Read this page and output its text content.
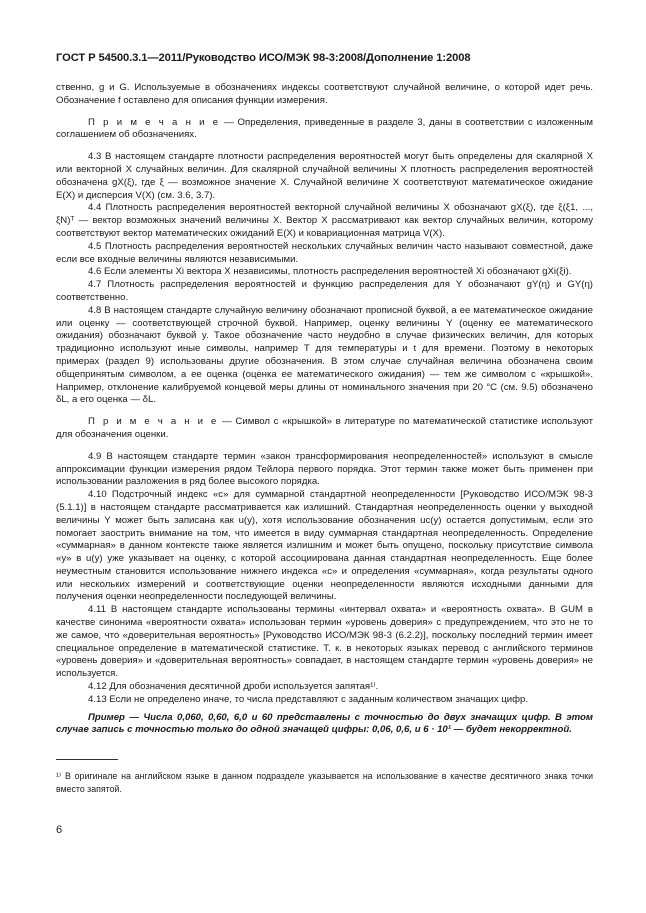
ГОСТ Р 54500.3.1—2011/Руководство ИСО/МЭК 98-3:2008/Дополнение 1:2008

ственно, g и G. Используемые в обозначениях индексы соответствуют случайной величине, о которой идет речь. Обозначение f оставлено для описания функции измерения.

П р и м е ч а н и е — Определения, приведенные в разделе 3, даны в соответствии с изложенным соглашением об обозначениях.

4.3 В настоящем стандарте плотности распределения вероятностей могут быть определены для скалярной X или векторной X случайных величин. Для скалярной случайной величины X плотность распределения вероятностей обозначена gX(ξ), где ξ — возможное значение X. Случайной величине X соответствуют математическое ожидание E(X) и дисперсия V(X) (см. 3.6, 3.7).

4.4 Плотность распределения вероятностей векторной случайной величины X обозначают gX(ξ), где ξ(ξ1, ..., ξN)ᵀ — вектор возможных значений величины X. Вектор X рассматривают как вектор случайных величин, которому соответствуют вектор математических ожиданий E(X) и ковариационная матрица V(X).

4.5 Плотность распределения вероятностей нескольких случайных величин часто называют совместной, даже если все входные величины являются независимыми.

4.6 Если элементы Xi вектора X независимы, плотность распределения вероятностей Xi обозначают gXi(ξi).

4.7 Плотность распределения вероятностей и функцию распределения для Y обозначают gY(η) и GY(η) соответственно.

4.8 В настоящем стандарте случайную величину обозначают прописной буквой, а ее математическое ожидание или оценку — соответствующей строчной буквой. Например, оценку величины Y (оценку ее математического ожидания) обозначают буквой y. Такое обозначение часто неудобно в случае физических величин, для которых традиционно используют иные символы, например T для температуры и t для времени. Поэтому в некоторых примерах (раздел 9) использованы другие обозначения. В этом случае случайная величина обозначена своим общепринятым символом, а ее оценка (оценка ее математического ожидания) — тем же символом с «крышкой». Например, отклонение калибруемой концевой меры длины от номинального значения при 20 °C (см. 9.5) обозначено δL, а его оценка — δL.

П р и м е ч а н и е — Символ с «крышкой» в литературе по математической статистике используют для обозначения оценки.

4.9 В настоящем стандарте термин «закон трансформирования неопределенностей» используют в смысле аппроксимации функции измерения рядом Тейлора первого порядка. Этот термин также может быть применен при использовании разложения в ряд более высокого порядка.

4.10 Подстрочный индекс «c» для суммарной стандартной неопределенности [Руководство ИСО/МЭК 98-3 (5.1.1)] в настоящем стандарте рассматривается как излишний. Стандартная неопределенность оценки y выходной величины Y может быть записана как u(y), хотя использование обозначения uc(y) остается допустимым, если это помогает заострить внимание на том, что имеется в виду суммарная стандартная неопределенность. Определение «суммарная» в данном контексте также является излишним и может быть опущено, поскольку присутствие символа «y» в u(y) уже указывает на оценку, с которой ассоциирована данная стандартная неопределенность. Еще более неуместным становится использование нижнего индекса «c» и определения «суммарная», когда результаты одного или нескольких измерений и соответствующие оценки неопределенности являются исходными данными для получения оценки неопределенности последующей величины.

4.11 В настоящем стандарте использованы термины «интервал охвата» и «вероятность охвата». В GUM в качестве синонима «вероятности охвата» использован термин «уровень доверия» с предупреждением, что это не то же самое, что «доверительная вероятность» [Руководство ИСО/МЭК 98-3 (6.2.2)], поскольку последний термин имеет специальное определение в математической статистике. Т. к. в некоторых языках перевод с английского терминов «уровень доверия» и «доверительная вероятность» совпадает, в настоящем стандарте термин «уровень доверия» не используется.

4.12 Для обозначения десятичной дроби используется запятая¹⁾.

4.13 Если не определено иначе, то числа представляют с заданным количеством значащих цифр.

Пример — Числа 0,060, 0,60, 6,0 и 60 представлены с точностью до двух значащих цифр. В этом случае запись с точностью только до одной значащей цифры: 0,06, 0,6, и 6 · 10¹ — будет некорректной.

¹⁾ В оригинале на английском языке в данном подразделе указывается на использование в качестве десятичного знака точки вместо запятой.
6
